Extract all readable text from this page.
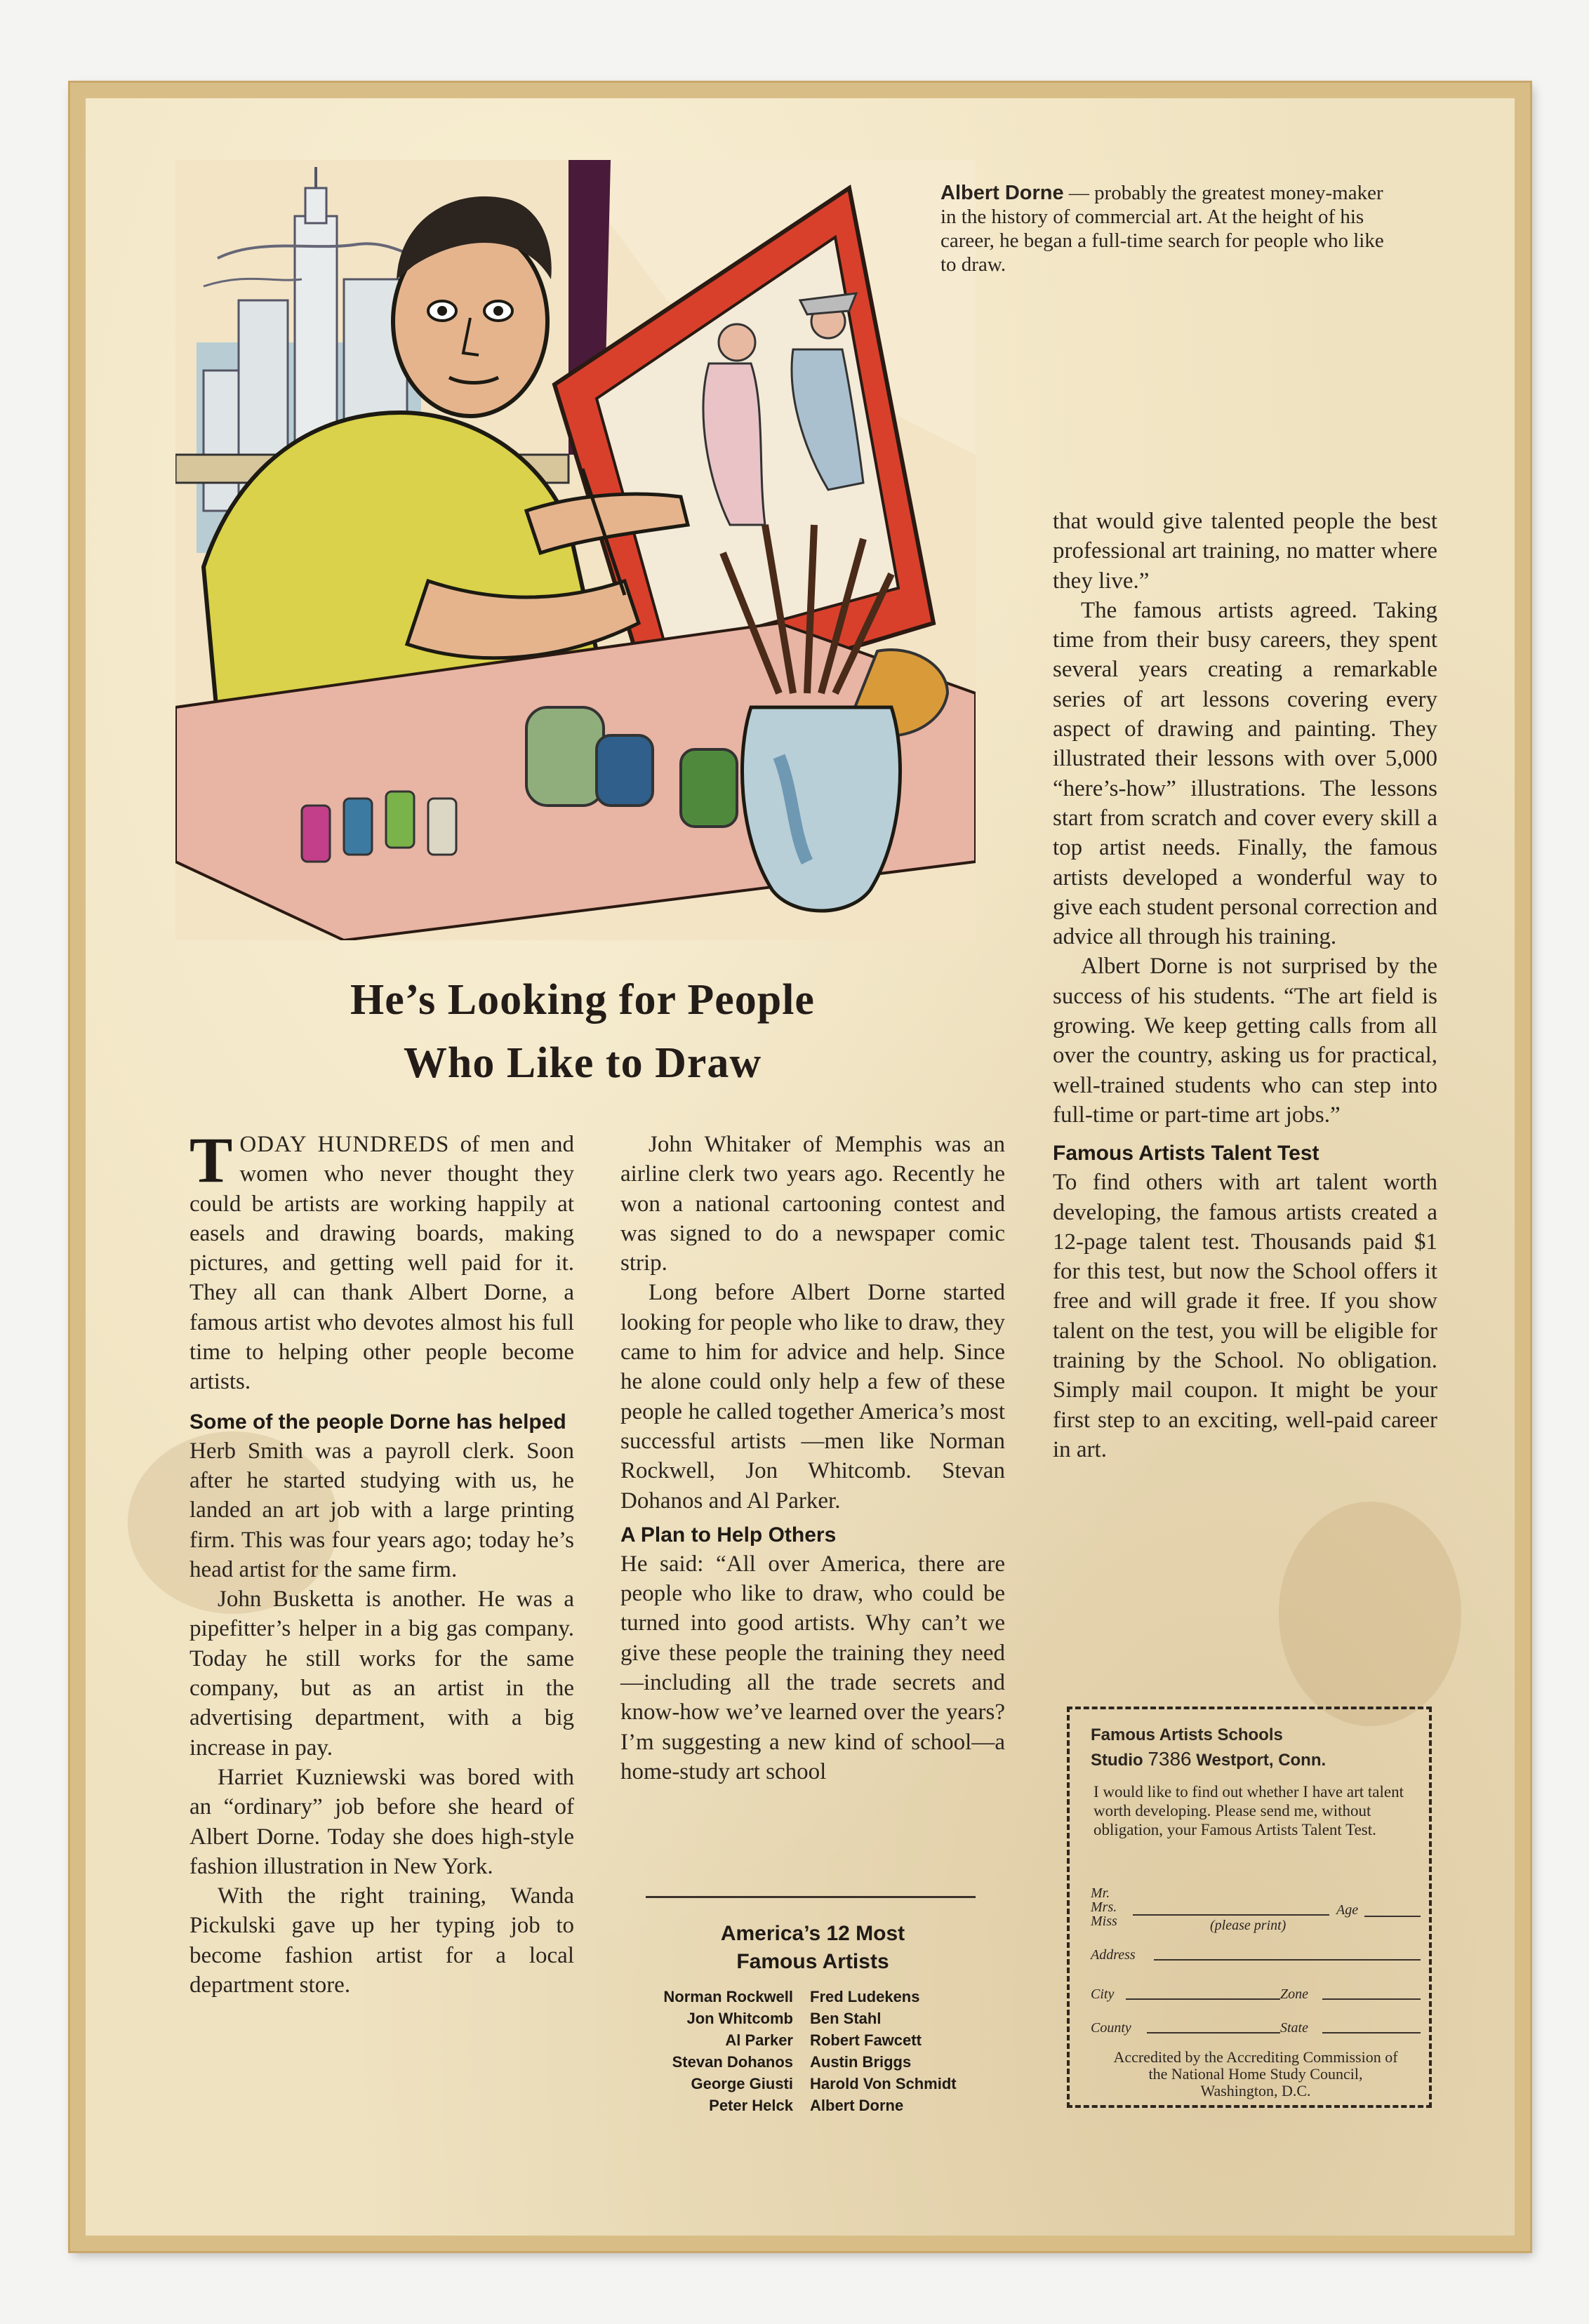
Albert Dorne — probably the greatest money-maker in the history of commercial art. At the height of his career, he began a full-time search for people who like to draw.
He’s Looking for People
Who Like to Draw

TODAY HUNDREDS of men and women who never thought they could be artists are working happily at easels and drawing boards, making pictures, and getting well paid for it. They all can thank Albert Dorne, a famous artist who devotes almost his full time to helping other people become artists.

Some of the people Dorne has helped

Herb Smith was a payroll clerk. Soon after he started studying with us, he landed an art job with a large printing firm. This was four years ago; today he’s head artist for the same firm.

John Busketta is another. He was a pipefitter’s helper in a big gas company. Today he still works for the same company, but as an artist in the advertising department, with a big increase in pay.

Harriet Kuzniewski was bored with an “ordinary” job before she heard of Albert Dorne. Today she does high-style fashion illustration in New York.

With the right training, Wanda Pickulski gave up her typing job to become fashion artist for a local department store.

John Whitaker of Memphis was an airline clerk two years ago. Recently he won a national cartooning contest and was signed to do a newspaper comic strip.

Long before Albert Dorne started looking for people who like to draw, they came to him for advice and help. Since he alone could only help a few of these people he called together America’s most successful artists —men like Norman Rockwell, Jon Whitcomb. Stevan Dohanos and Al Parker.

A Plan to Help Others

He said: “All over America, there are people who like to draw, who could be turned into good artists. Why can’t we give these people the training they need—including all the trade secrets and know-how we’ve learned over the years? I’m suggesting a new kind of school—a home-study art school

America’s 12 Most
Famous Artists
Norman Rockwell Fred Ludekens
Jon Whitcomb Ben Stahl
Al Parker Robert Fawcett
Stevan Dohanos Austin Briggs
George Giusti Harold Von Schmidt
Peter Helck Albert Dorne

that would give talented people the best professional art training, no matter where they live.”

The famous artists agreed. Taking time from their busy careers, they spent several years creating a remarkable series of art lessons covering every aspect of drawing and painting. They illustrated their lessons with over 5,000 “here’s-how” illustrations. The lessons start from scratch and cover every skill a top artist needs. Finally, the famous artists developed a wonderful way to give each student personal correction and advice all through his training.

Albert Dorne is not surprised by the success of his students. “The art field is growing. We keep getting calls from all over the country, asking us for practical, well-trained students who can step into full-time or part-time art jobs.”

Famous Artists Talent Test

To find others with art talent worth developing, the famous artists created a 12-page talent test. Thousands paid $1 for this test, but now the School offers it free and will grade it free. If you show talent on the test, you will be eligible for training by the School. No obligation. Simply mail coupon. It might be your first step to an exciting, well-paid career in art.

Famous Artists Schools
Studio 7386 Westport, Conn.
I would like to find out whether I have art talent worth developing. Please send me, without obligation, your Famous Artists Talent Test.
Mr.
Mrs.
Miss
Age
(please print)
Address
City	Zone
County	State
Accredited by the Accrediting Commission of the National Home Study Council, Washington, D.C.
